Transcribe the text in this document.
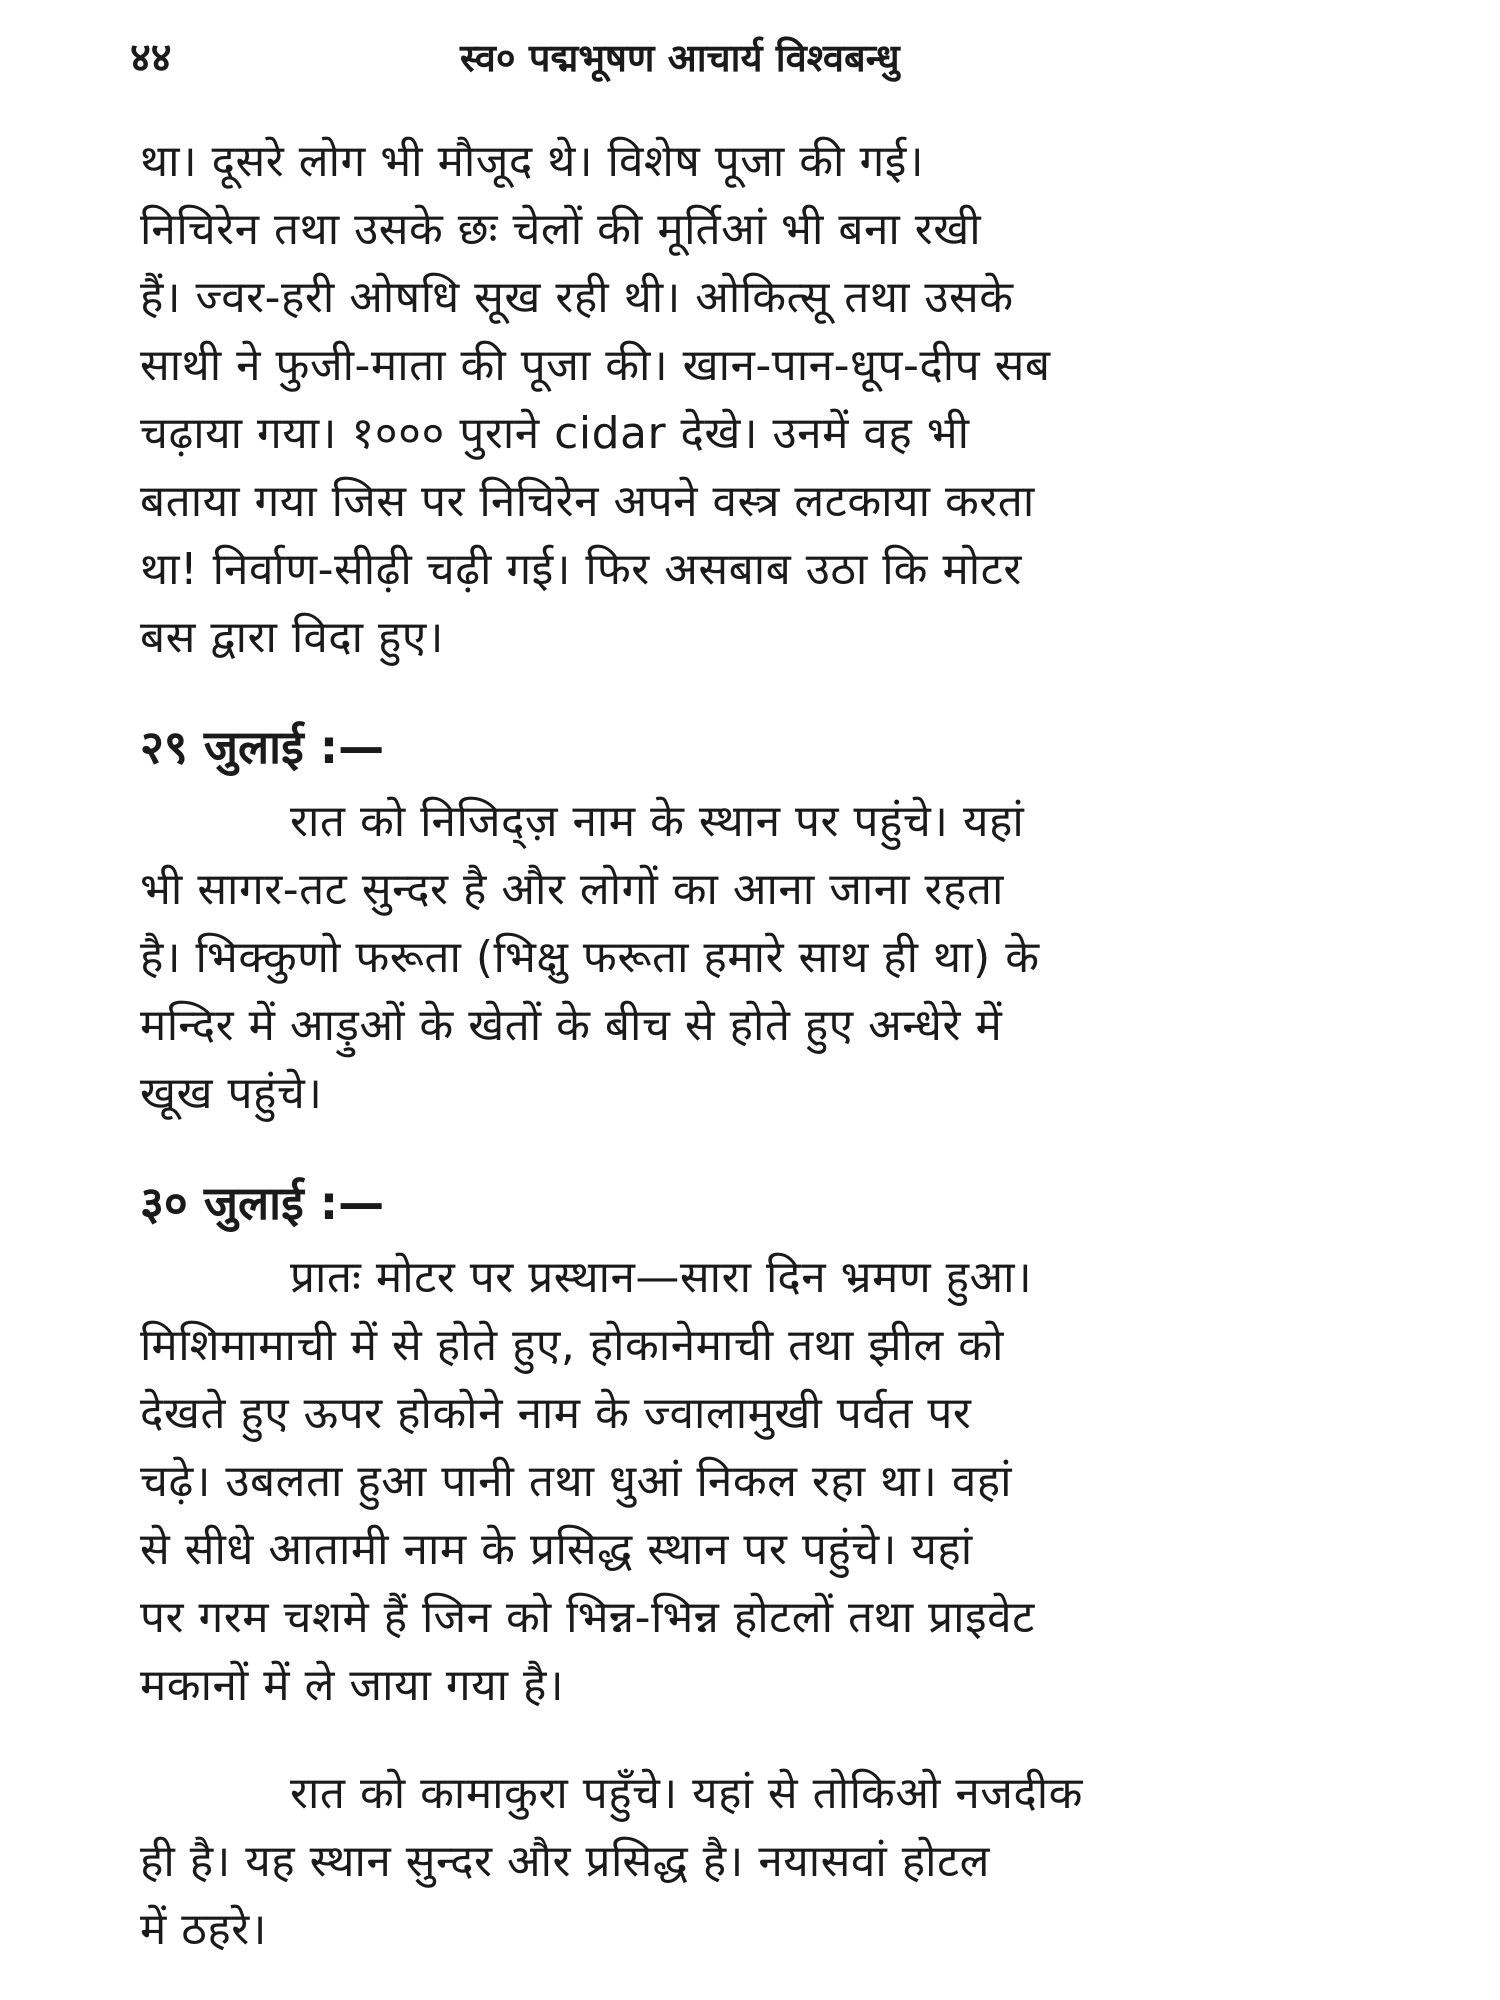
४४	स्व० पद्मभूषण आचार्य विश्वबन्धु
था। दूसरे लोग भी मौजूद थे। विशेष पूजा की गई।
निचिरेन तथा उसके छः चेलों की मूर्तिआं भी बना रखी
हैं। ज्वर-हरी ओषधि सूख रही थी। ओकित्सू तथा उसके
साथी ने फुजी-माता की पूजा की। खान-पान-धूप-दीप सब
चढ़ाया गया। १००० पुराने cidar देखे। उनमें वह भी
बताया गया जिस पर निचिरेन अपने वस्त्र लटकाया करता
था! निर्वाण-सीढ़ी चढ़ी गई। फिर असबाब उठा कि मोटर
बस द्वारा विदा हुए।
२९ जुलाई :—
रात को निजिद्ज़ नाम के स्थान पर पहुंचे। यहां
भी सागर-तट सुन्दर है और लोगों का आना जाना रहता
है। भिक्कुणो फरूता (भिक्षु फरूता हमारे साथ ही था) के
मन्दिर में आड़ुओं के खेतों के बीच से होते हुए अन्धेरे में
खूख पहुंचे।
३० जुलाई :—
प्रातः मोटर पर प्रस्थान—सारा दिन भ्रमण हुआ।
मिशिमामाची में से होते हुए, होकानेमाची तथा झील को
देखते हुए ऊपर होकोने नाम के ज्वालामुखी पर्वत पर
चढ़े। उबलता हुआ पानी तथा धुआं निकल रहा था। वहां
से सीधे आतामी नाम के प्रसिद्ध स्थान पर पहुंचे। यहां
पर गरम चशमे हैं जिन को भिन्न-भिन्न होटलों तथा प्राइवेट
मकानों में ले जाया गया है।
रात को कामाकुरा पहुँचे। यहां से तोकिओ नजदीक
ही है। यह स्थान सुन्दर और प्रसिद्ध है। नयासवां होटल
में ठहरे।
